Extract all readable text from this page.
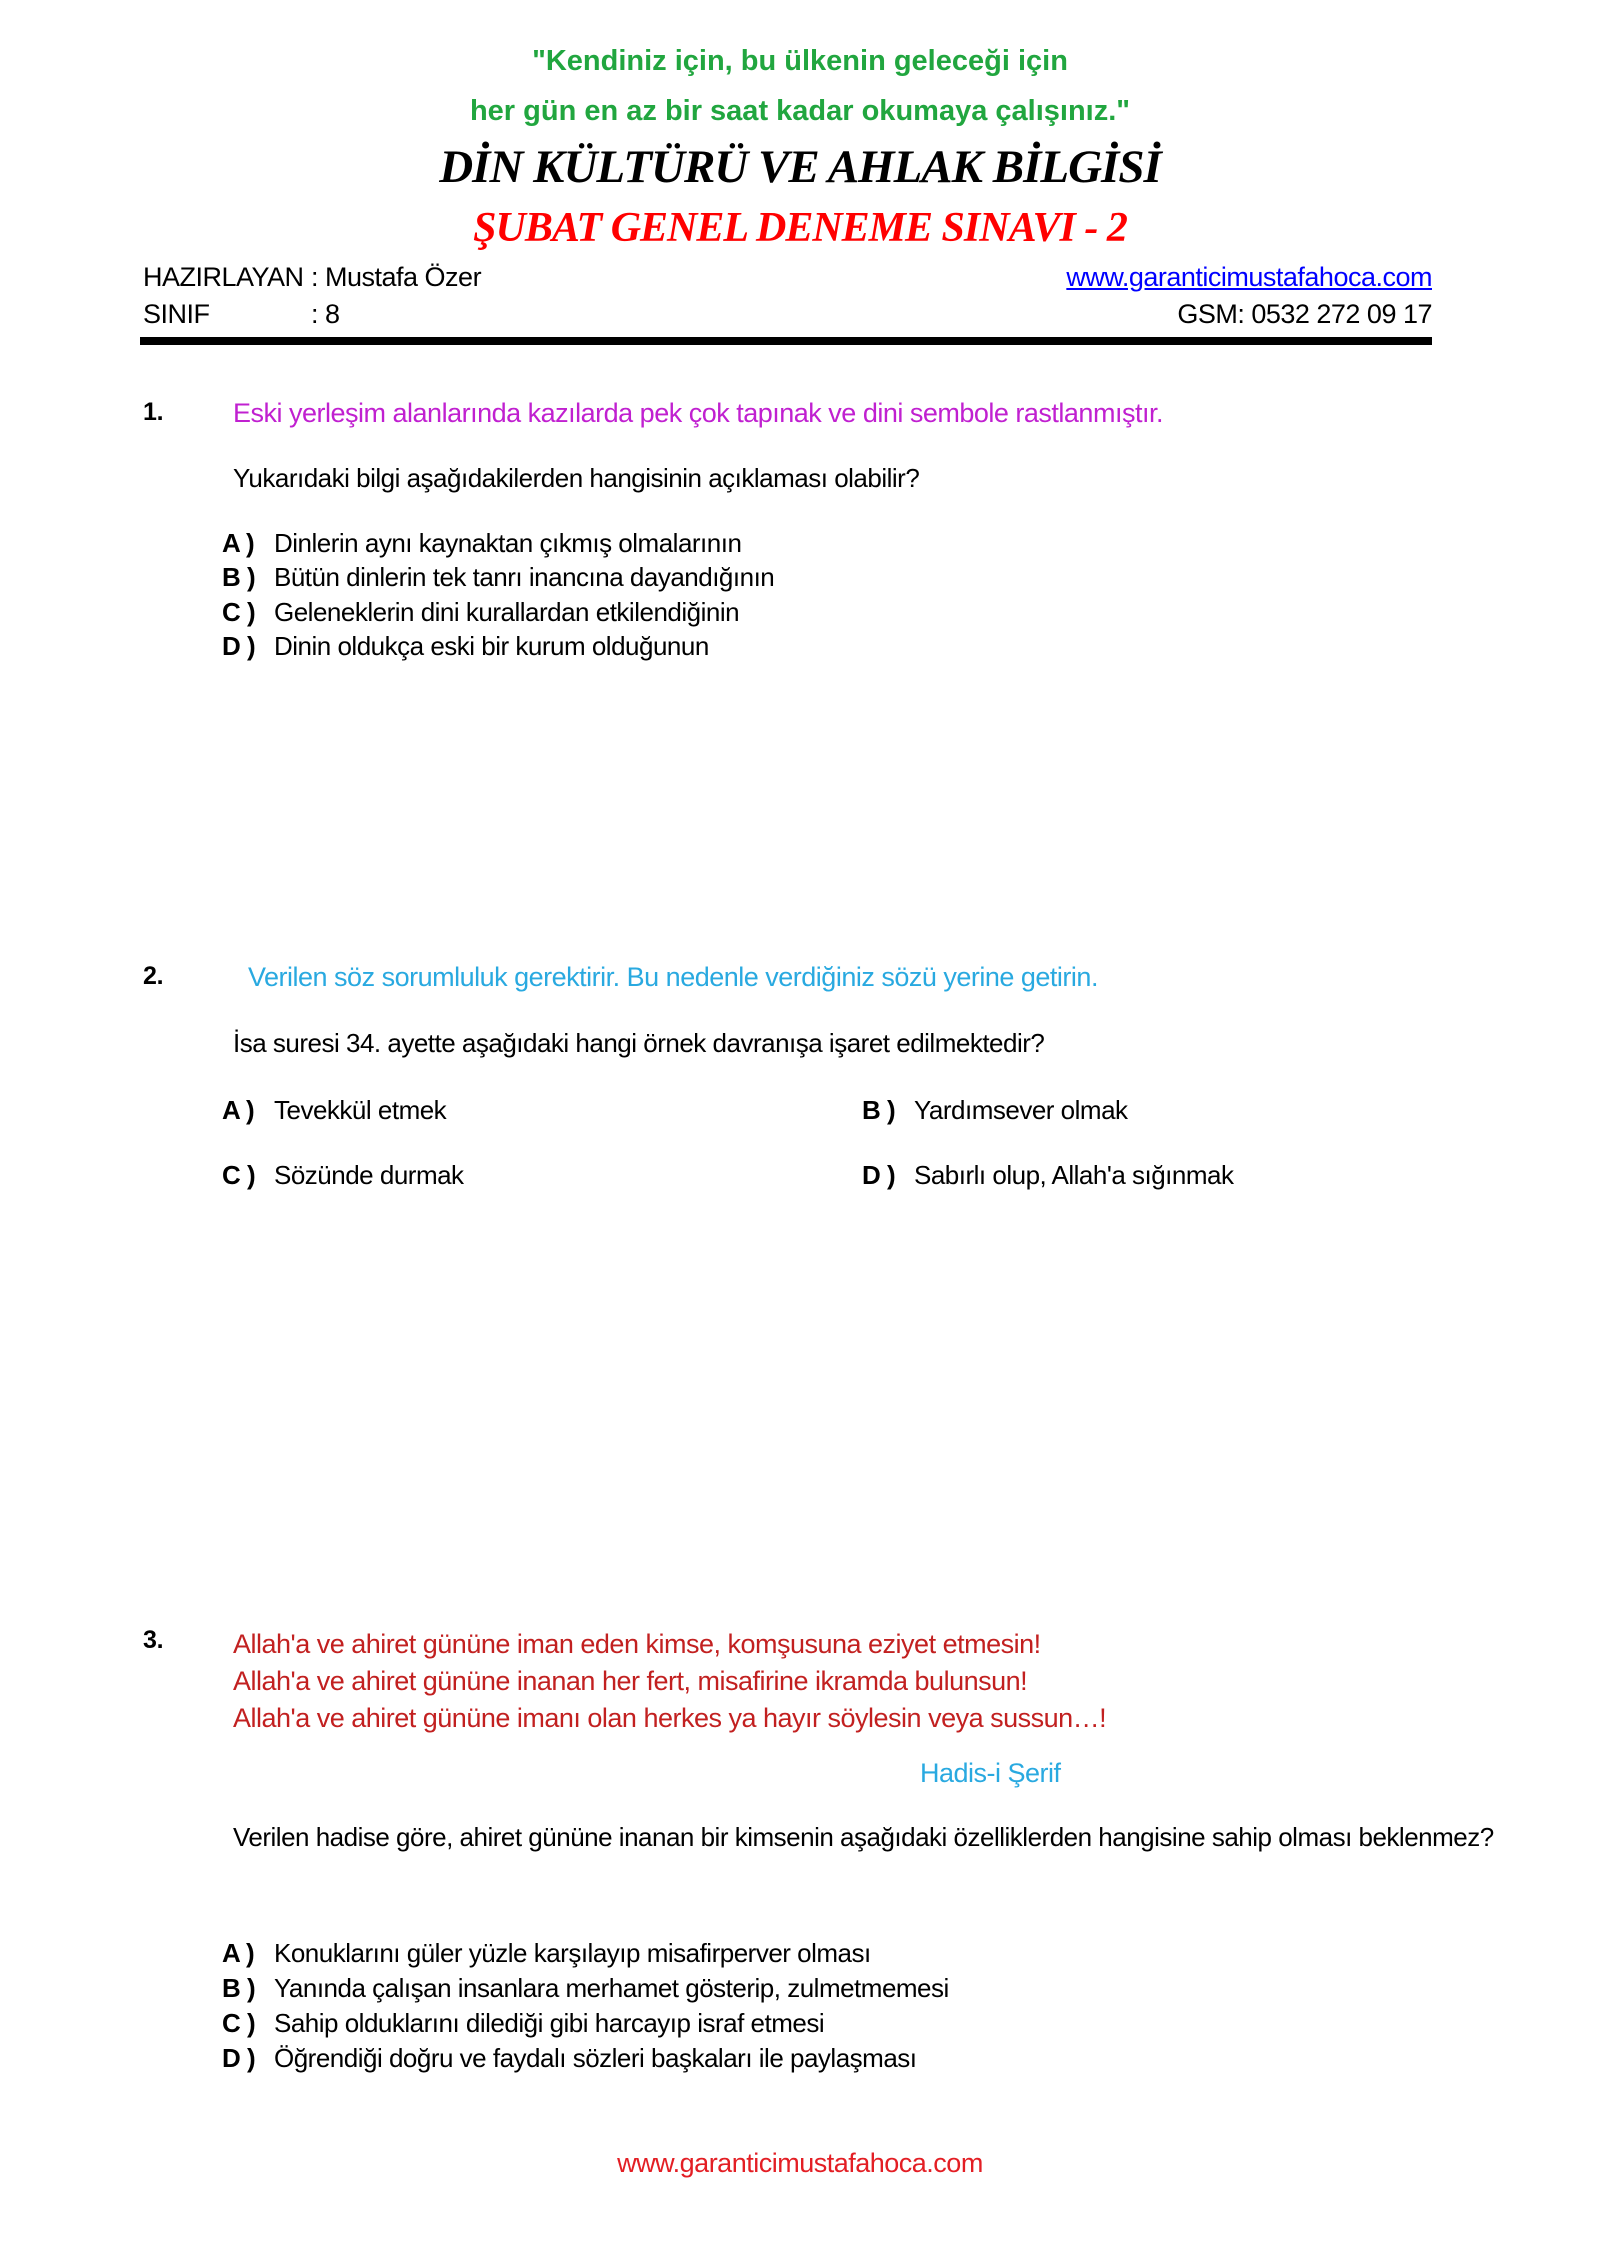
"Kendiniz için, bu ülkenin geleceği için
her gün en az bir saat kadar okumaya çalışınız."
DİN KÜLTÜRÜ VE AHLAK BİLGİSİ
ŞUBAT GENEL DENEME SINAVI - 2
HAZIRLAYAN : Mustafa Özer	www.garanticimustafahoca.com
SINIF	: 8	GSM: 0532 272 09 17
1.	Eski yerleşim alanlarında kazılarda pek çok tapınak ve dini sembole rastlanmıştır.
Yukarıdaki bilgi aşağıdakilerden hangisinin açıklaması olabilir?
A ) Dinlerin aynı kaynaktan çıkmış olmalarının
B ) Bütün dinlerin tek tanrı inancına dayandığının
C ) Geleneklerin dini kurallardan etkilendiğinin
D ) Dinin oldukça eski bir kurum olduğunun
2.	Verilen söz sorumluluk gerektirir. Bu nedenle verdiğiniz sözü yerine getirin.
İsa suresi 34. ayette aşağıdaki hangi örnek davranışa işaret edilmektedir?
A ) Tevekkül etmek	B ) Yardımsever olmak
C ) Sözünde durmak	D ) Sabırlı olup, Allah'a sığınmak
3.	Allah'a ve ahiret gününe iman eden kimse, komşusuna eziyet etmesin!
Allah'a ve ahiret gününe inanan her fert, misafirine ikramda bulunsun!
Allah'a ve ahiret gününe imanı olan herkes ya hayır söylesin veya sussun…!
Hadis-i Şerif
Verilen hadise göre, ahiret gününe inanan bir kimsenin aşağıdaki özelliklerden hangisine sahip olması beklenmez?
A ) Konuklarını güler yüzle karşılayıp misafirperver olması
B ) Yanında çalışan insanlara merhamet gösterip, zulmetmemesi
C ) Sahip olduklarını dilediği gibi harcayıp israf etmesi
D ) Öğrendiği doğru ve faydalı sözleri başkaları ile paylaşması
www.garanticimustafahoca.com
